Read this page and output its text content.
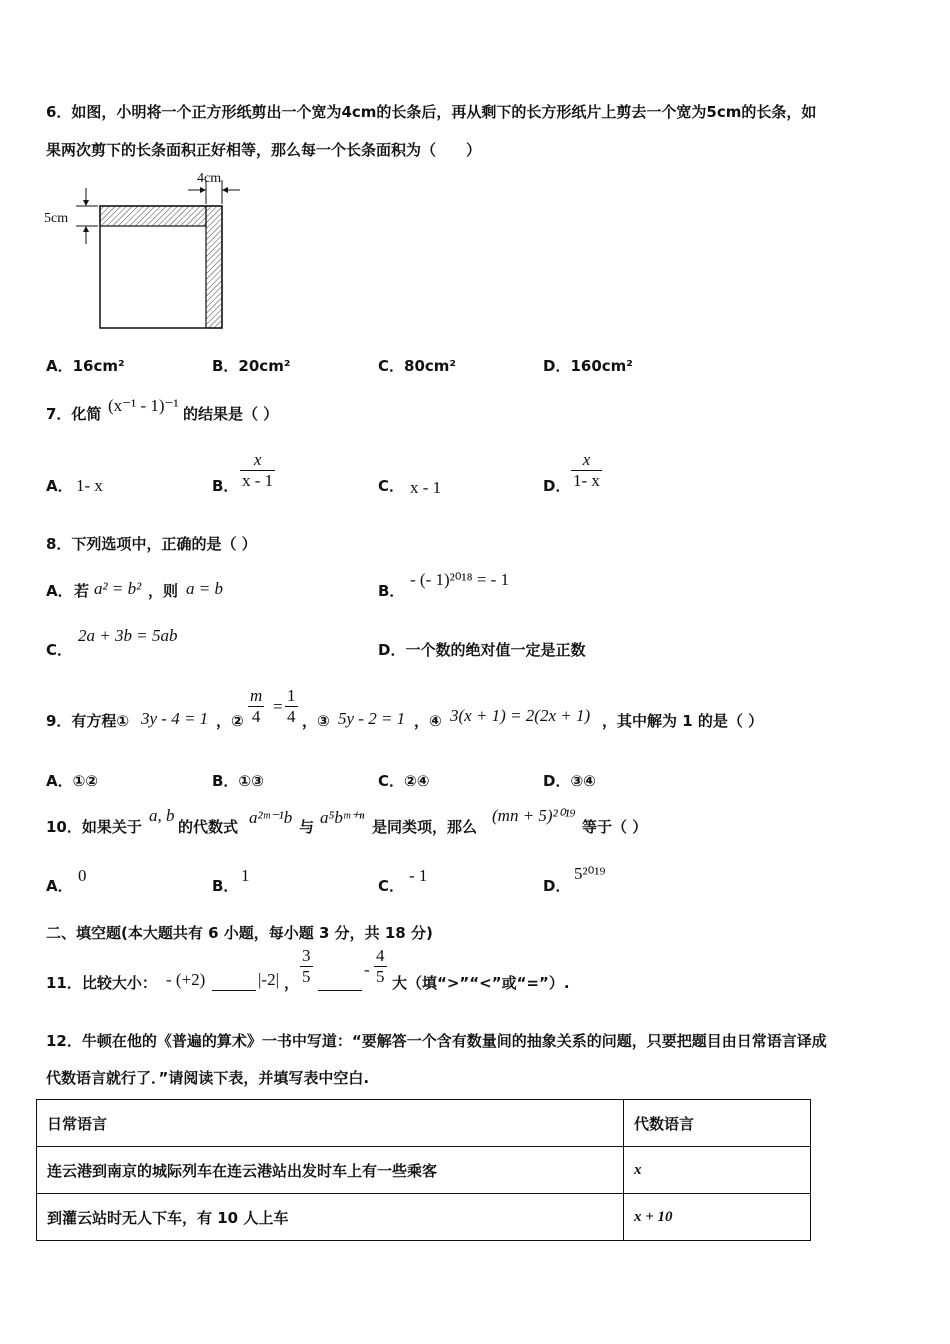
6．如图，小明将一个正方形纸剪出一个宽为4cm的长条后，再从剩下的长方形纸片上剪去一个宽为5cm的长条，如
果两次剪下的长条面积正好相等，那么每一个长条面积为（　　）
4cm
5cm
A．16cm²	B．20cm²	C．80cm²	D．160cm²
7．化简 (x⁻¹ - 1)⁻¹ 的结果是（ ）
A． 1- x	B．
x
x - 1	C． x - 1	D．
x
1- x
8．下列选项中，正确的是（ ）
A． 若 a² = b² ，则 a = b	B．
- (- 1)²⁰¹⁸ = - 1
C．
2a + 3b = 5ab
D．一个数的绝对值一定是正数
9．有方程① 3y - 4 = 1 ，②
m
4
=
1
4 ，③ 5y - 2 = 1 ，④ 3(x + 1) = 2(2x + 1) ，其中解为 1 的是（ ）
A．①②	B．①③	C．②④	D．③④
10．如果关于
a, b
的代数式 a²ᵐ⁻¹b 与 a⁵bᵐ⁺ⁿ 是同类项，那么
(mn + 5)²⁰¹⁹
等于（ ）
A．
0
B．
1
C．
- 1
D．
5²⁰¹⁹
二、填空题(本大题共有 6 小题，每小题 3 分，共 18 分)
11．比较大小： - (+2)	|-2| ，
3
5	-
4
5 大（填“>”“<”或“=”）.
12．牛顿在他的《普遍的算术》一书中写道：“要解答一个含有数量间的抽象关系的问题，只要把题目由日常语言译成
代数语言就行了．”请阅读下表，并填写表中空白.
日常语言	代数语言
连云港到南京的城际列车在连云港站出发时车上有一些乘客	x
到灌云站时无人下车，有 10 人上车	x + 10
